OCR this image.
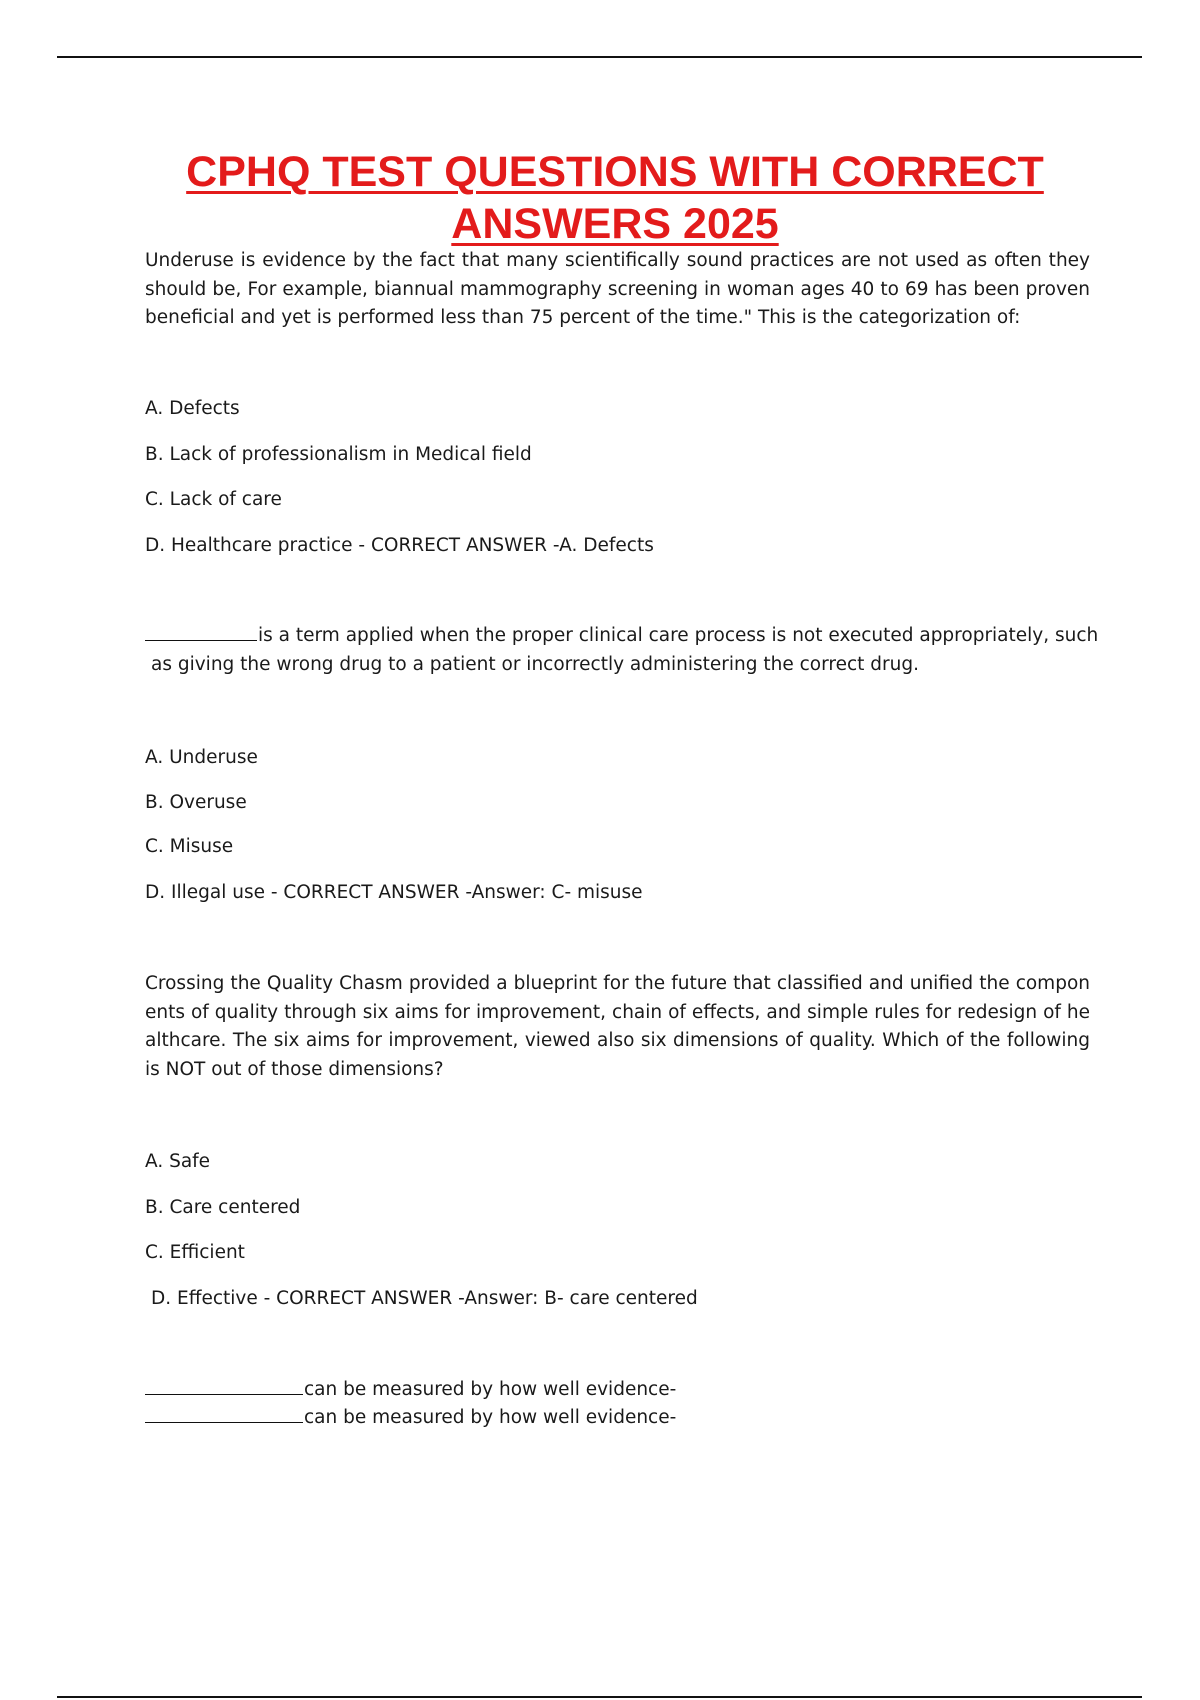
CPHQ TEST QUESTIONS WITH CORRECT
ANSWERS 2025

Underuse is evidence by the fact that many scientifically sound practices are not used as often they should be, For example, biannual mammography screening in woman ages 40 to 69 has been proven beneficial and yet is performed less than 75 percent of the time." This is the categorization of:

A. Defects
B. Lack of professionalism in Medical field
C. Lack of care
D. Healthcare practice - CORRECT ANSWER -A. Defects
is a term applied when the proper clinical care process is not executed appropriately, such
as giving the wrong drug to a patient or incorrectly administering the correct drug.
A. Underuse
B. Overuse
C. Misuse
D. Illegal use - CORRECT ANSWER -Answer: C- misuse

Crossing the Quality Chasm provided a blueprint for the future that classified and unified the components of quality through six aims for improvement, chain of effects, and simple rules for redesign of healthcare. The six aims for improvement, viewed also six dimensions of quality. Which of the following is NOT out of those dimensions?

A. Safe
B. Care centered
C. Efficient
D. Effective - CORRECT ANSWER -Answer: B- care centered
can be measured by how well evidence-
can be measured by how well evidence-
